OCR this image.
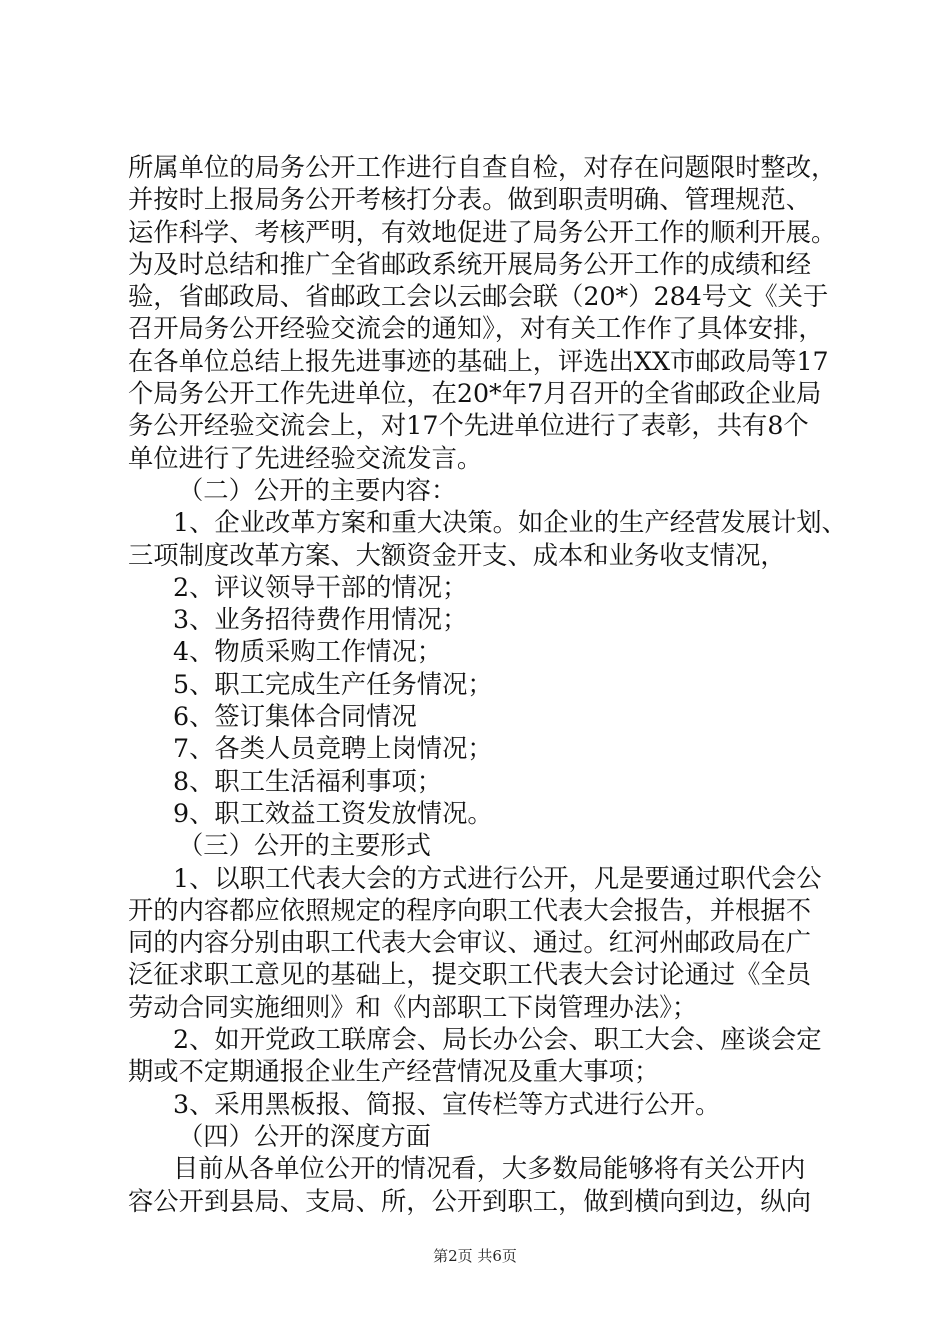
所属单位的局务公开工作进行自查自检，对存在问题限时整改，
并按时上报局务公开考核打分表。做到职责明确、管理规范、
运作科学、考核严明，有效地促进了局务公开工作的顺利开展。
为及时总结和推广全省邮政系统开展局务公开工作的成绩和经
验，省邮政局、省邮政工会以云邮会联（20*）284号文《关于
召开局务公开经验交流会的通知》，对有关工作作了具体安排，
在各单位总结上报先进事迹的基础上，评选出XX市邮政局等17
个局务公开工作先进单位，在20*年7月召开的全省邮政企业局
务公开经验交流会上，对17个先进单位进行了表彰，共有8个
单位进行了先进经验交流发言。
（二）公开的主要内容：
1、企业改革方案和重大决策。如企业的生产经营发展计划、
三项制度改革方案、大额资金开支、成本和业务收支情况，
2、评议领导干部的情况；
3、业务招待费作用情况；
4、物质采购工作情况；
5、职工完成生产任务情况；
6、签订集体合同情况
7、各类人员竞聘上岗情况；
8、职工生活福利事项；
9、职工效益工资发放情况。
（三）公开的主要形式
1、以职工代表大会的方式进行公开，凡是要通过职代会公
开的内容都应依照规定的程序向职工代表大会报告，并根据不
同的内容分别由职工代表大会审议、通过。红河州邮政局在广
泛征求职工意见的基础上，提交职工代表大会讨论通过《全员
劳动合同实施细则》和《内部职工下岗管理办法》；
2、如开党政工联席会、局长办公会、职工大会、座谈会定
期或不定期通报企业生产经营情况及重大事项；
3、采用黑板报、简报、宣传栏等方式进行公开。
（四）公开的深度方面
目前从各单位公开的情况看，大多数局能够将有关公开内
容公开到县局、支局、所，公开到职工，做到横向到边，纵向
第2页 共6页
